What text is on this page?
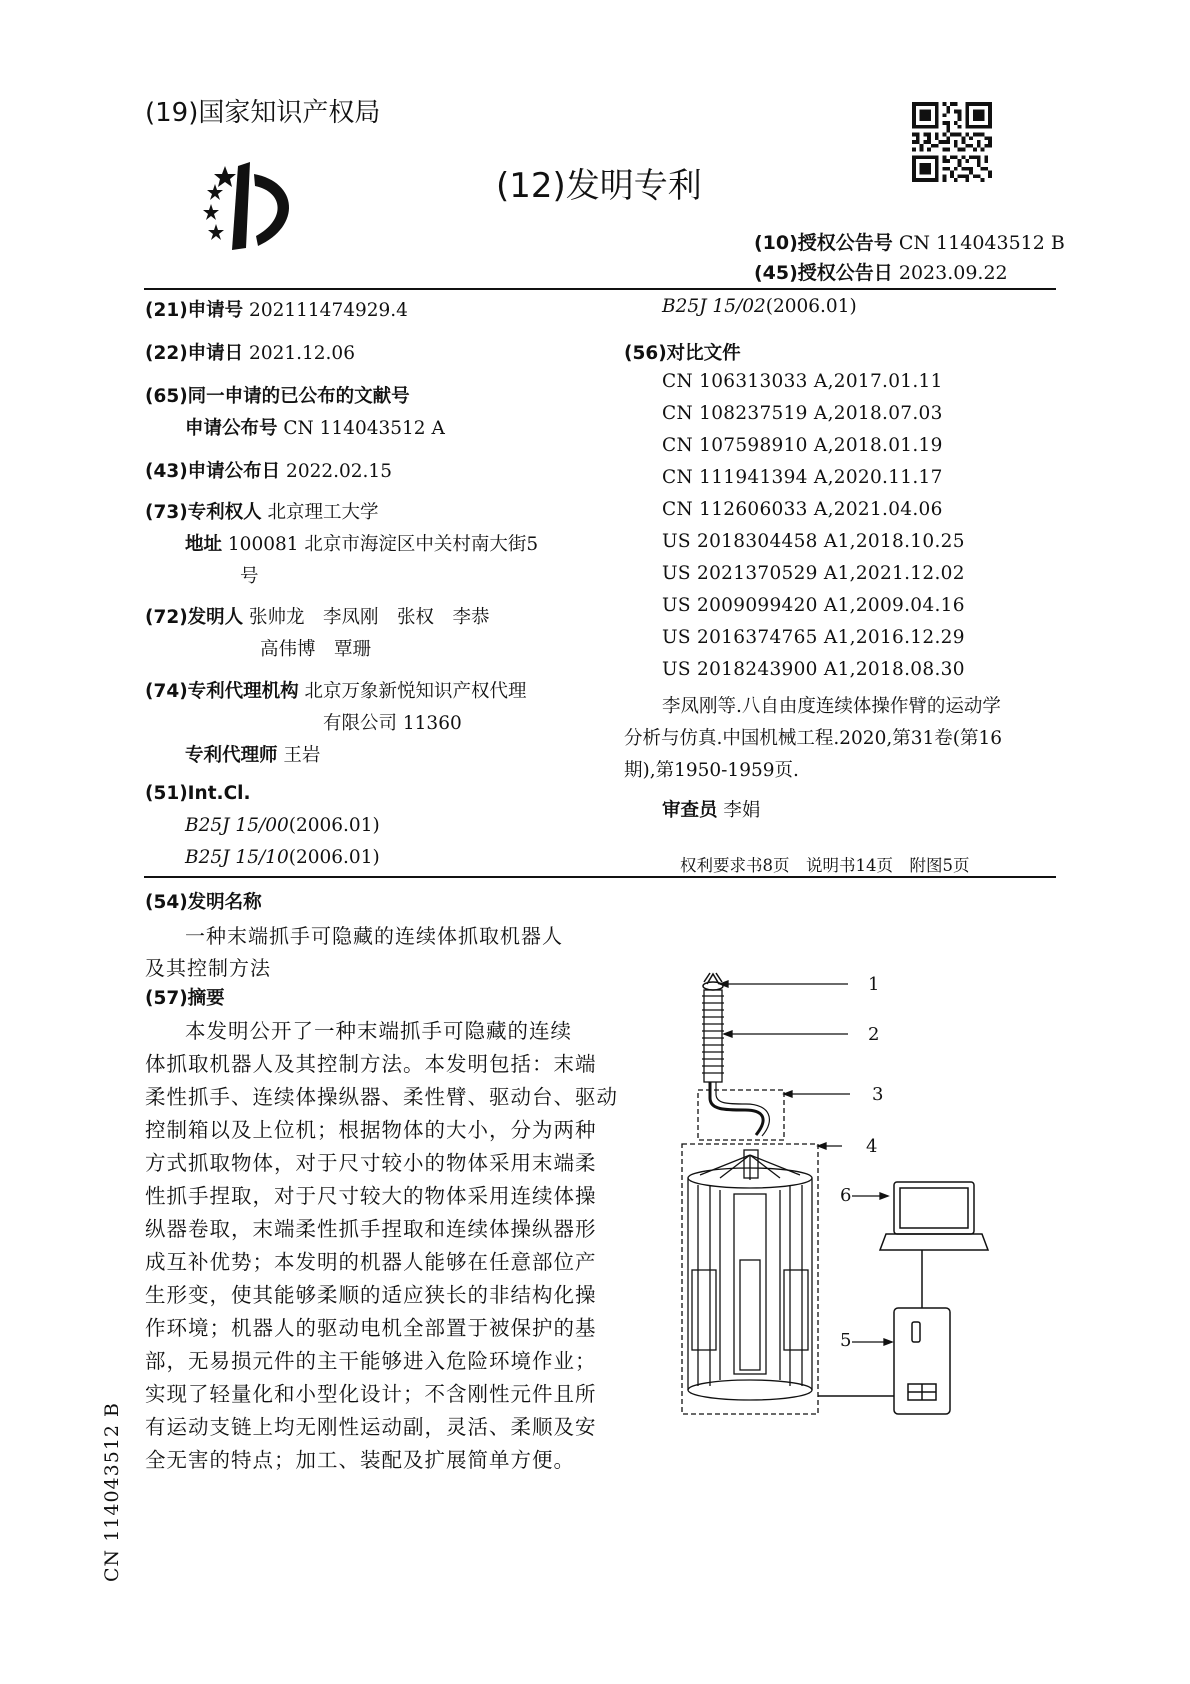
(19)国家知识产权局
(12)发明专利
(10)授权公告号 CN 114043512 B
(45)授权公告日 2023.09.22
(21)申请号 202111474929.4
(22)申请日 2021.12.06
(65)同一申请的已公布的文献号
申请公布号 CN 114043512 A
(43)申请公布日 2022.02.15
(73)专利权人 北京理工大学
地址 100081 北京市海淀区中关村南大街5
号
(72)发明人 张帅龙　李凤刚　张权　李恭
高伟博　覃珊
(74)专利代理机构 北京万象新悦知识产权代理
有限公司 11360
专利代理师 王岩
(51)Int.Cl.
B25J 15/00(2006.01)
B25J 15/10(2006.01)
B25J 15/02(2006.01)
(56)对比文件
CN 106313033 A,2017.01.11
CN 108237519 A,2018.07.03
CN 107598910 A,2018.01.19
CN 111941394 A,2020.11.17
CN 112606033 A,2021.04.06
US 2018304458 A1,2018.10.25
US 2021370529 A1,2021.12.02
US 2009099420 A1,2009.04.16
US 2016374765 A1,2016.12.29
US 2018243900 A1,2018.08.30
李凤刚等.八自由度连续体操作臂的运动学
分析与仿真.中国机械工程.2020,第31卷(第16
期),第1950-1959页.
审查员 李娟
权利要求书8页　说明书14页　附图5页
(54)发明名称
一种末端抓手可隐藏的连续体抓取机器人
及其控制方法
(57)摘要
本发明公开了一种末端抓手可隐藏的连续
体抓取机器人及其控制方法。本发明包括：末端
柔性抓手、连续体操纵器、柔性臂、驱动台、驱动
控制箱以及上位机；根据物体的大小，分为两种
方式抓取物体，对于尺寸较小的物体采用末端柔
性抓手捏取，对于尺寸较大的物体采用连续体操
纵器卷取，末端柔性抓手捏取和连续体操纵器形
成互补优势；本发明的机器人能够在任意部位产
生形变，使其能够柔顺的适应狭长的非结构化操
作环境；机器人的驱动电机全部置于被保护的基
部，无易损元件的主干能够进入危险环境作业；
实现了轻量化和小型化设计；不含刚性元件且所
有运动支链上均无刚性运动副，灵活、柔顺及安
全无害的特点；加工、装配及扩展简单方便。
CN 114043512 B
1
2
3
4
5
6
